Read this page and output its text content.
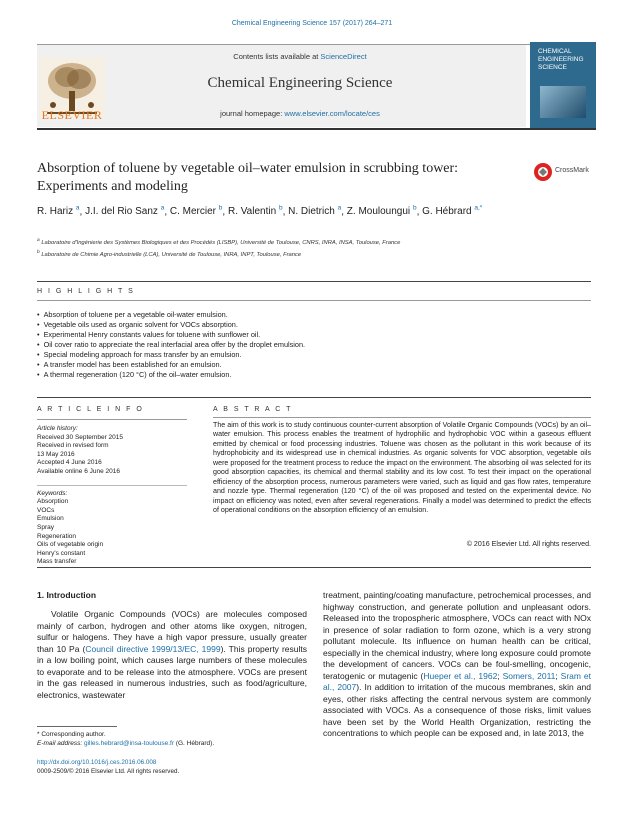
Chemical Engineering Science 157 (2017) 264–271
ELSEVIER
Contents lists available at ScienceDirect
Chemical Engineering Science
journal homepage: www.elsevier.com/locate/ces
CHEMICAL
ENGINEERING
SCIENCE
Absorption of toluene by vegetable oil–water emulsion in scrubbing tower: Experiments and modeling
CrossMark
R. Hariz $^a$, J.I. del Rio Sanz $^a$, C. Mercier $^b$, R. Valentin $^b$, N. Dietrich $^a$, Z. Mouloungui $^b$, G. Hébrard $^{a,*}$
$^a$ Laboratoire d'Ingénierie des Systèmes Biologiques et des Procédés (LISBP), Université de Toulouse, CNRS, INRA, INSA, Toulouse, France
$^b$ Laboratoire de Chimie Agro-industrielle (LCA), Université de Toulouse, INRA, INPT, Toulouse, France
H I G H L I G H T S
• Absorption of toluene per a vegetable oil-water emulsion.
• Vegetable oils used as organic solvent for VOCs absorption.
• Experimental Henry constants values for toluene with sunflower oil.
• Oil cover ratio to appreciate the real interfacial area offer by the droplet emulsion.
• Special modeling approach for mass transfer by an emulsion.
• A transfer model has been established for an emulsion.
• A thermal regeneration (120 °C) of the oil–water emulsion.
A R T I C L E I N F O	A B S T R A C T
Article history:
Received 30 September 2015
Received in revised form
13 May 2016
Accepted 4 June 2016
Available online 6 June 2016
Keywords:
Absorption
VOCs
Emulsion
Spray
Regeneration
Oils of vegetable origin
Henry's constant
Mass transfer
The aim of this work is to study continuous counter-current absorption of Volatile Organic Compounds (VOCs) by an oil–water emulsion. This process enables the treatment of hydrophilic and hydrophobic VOC within a gaseous effluent emitted by chemical or food processing industries. Toluene was chosen as the pollutant in this work because of its hydrophobicity and its widespread use in chemical industries. As organic solvents for VOC absorption, vegetable oils were proposed for the treatment process to reduce the impact on the environment. The absorbing oil was selected for its good absorption capacities, its chemical and thermal stability and its low cost. To test their impact on the operational efficiency of the absorption process, numerous parameters were varied, such as liquid and gas flow rates, temperature and nozzle type. Thermal regeneration (120 °C) of the oil was proposed and tested on the experimental device. No impact on efficiency was noted, even after several regenerations. Finally a model was determined to predict the effects of operational conditions on the absorption efficiency of an emulsion.
© 2016 Elsevier Ltd. All rights reserved.
1. Introduction
Volatile Organic Compounds (VOCs) are molecules composed mainly of carbon, hydrogen and other atoms like oxygen, nitrogen, sulfur or halogens. They have a high vapor pressure, usually greater than 10 Pa (Council directive 1999/13/EC, 1999). This property results in a low boiling point, which causes large numbers of these molecules to evaporate and to be release into the atmosphere. VOCs are present in the gas released in numerous industries, such as food/agriculture, electronics, wastewater
treatment, painting/coating manufacture, petrochemical processes, and highway construction, and generate pollution and unpleasant odors. Released into the tropospheric atmosphere, VOCs can react with NOx in presence of solar radiation to form ozone, which is a very strong pollutant molecule. Its influence on human health can be critical, especially in the chemical industry, where long exposure could promote the development of cancers. VOCs can be foul-smelling, oncogenic, teratogenic or mutagenic (Hueper et al., 1962; Somers, 2011; Sram et al., 2007). In addition to irritation of the mucous membranes, skin and eyes, other risks affecting the central nervous system are commonly associated with VOCs. As a consequence of those risks, limit values have been set by the World Health Organization, restricting the concentrations to which people can be exposed and, in late 2013, the
* Corresponding author.
E-mail address: gilles.hebrard@insa-toulouse.fr (G. Hébrard).
http://dx.doi.org/10.1016/j.ces.2016.06.008
0009-2509/© 2016 Elsevier Ltd. All rights reserved.
